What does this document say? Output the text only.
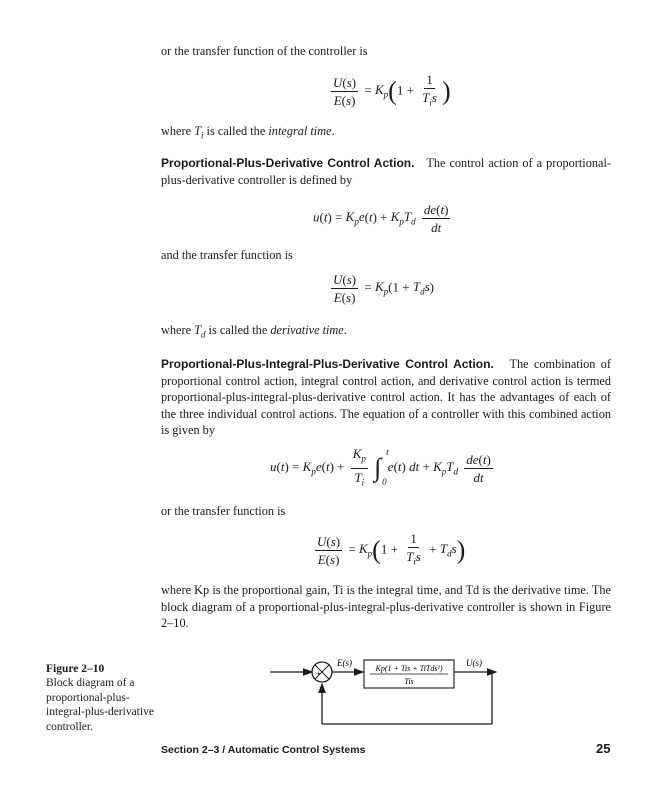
or the transfer function of the controller is

$\frac{U(s)}{E(s)} = K_p(1 + \frac{1}{T_is}$ )

where $T_i$ is called the integral time.

Proportional-Plus-Derivative Control Action. The control action of a proportional-plus-derivative controller is defined by

$u(t) = K_pe(t) + K_pT_d \frac{de(t)}{dt}$

and the transfer function is

$\frac{U(s)}{E(s)} = K_p(1 + T_ds)$

where $T_d$ is called the derivative time.

Proportional-Plus-Integral-Plus-Derivative Control Action. The combination of proportional control action, integral control action, and derivative control action is termed proportional-plus-integral-plus-derivative control action. It has the advantages of each of the three individual control actions. The equation of a controller with this combined action is given by

$u(t) = K_pe(t) + \frac{K_p}{T_i}$ ∫
t
0
e(t) dt + $K_pT_d \frac{de(t)}{dt}$

or the transfer function is

$\frac{U(s)}{E(s)} = K_p(1 + \frac{1}{T_is} + T_ds)$

where Kp is the proportional gain, Ti is the integral time, and Td is the derivative time. The block diagram of a proportional-plus-integral-plus-derivative controller is shown in Figure 2–10.

Figure 2–10
Block diagram of a proportional-plus-integral-plus-derivative controller.
+
−
E(s)
Kp(1 + Tis + TiTds²)
Tis
U(s)
Section 2–3 / Automatic Control Systems	25
